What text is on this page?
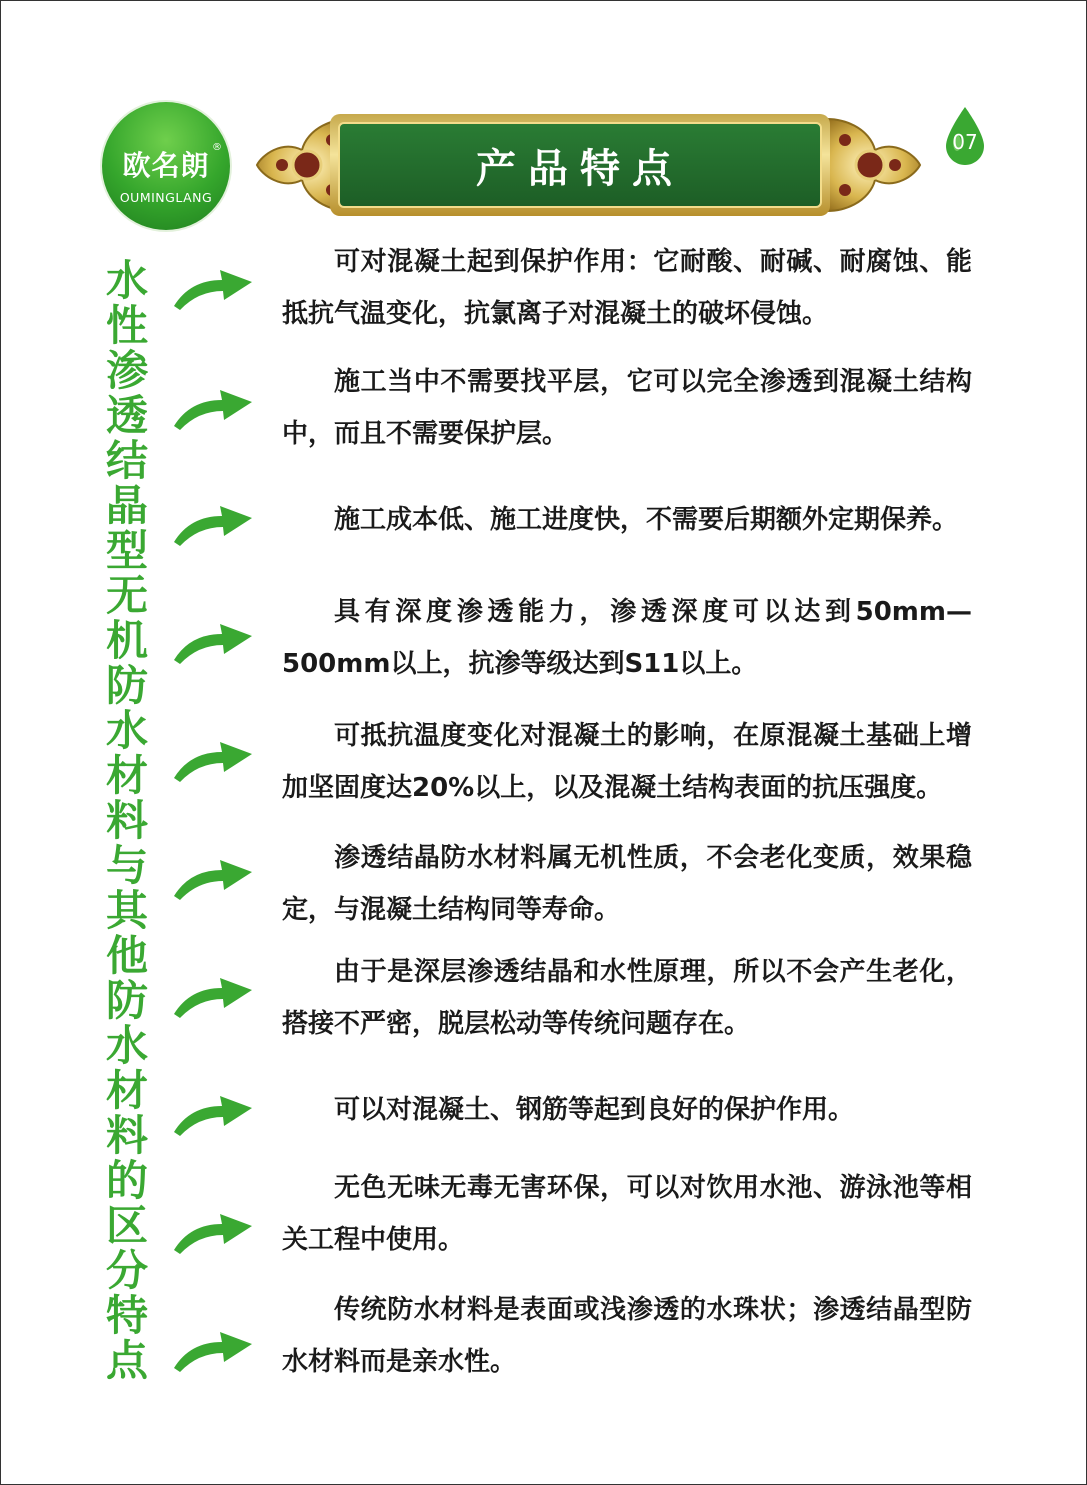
欧名朗
®
OUMINGLANG
产品特点
07
水性渗透结晶型无机防水材料与其他防水材料的区分特点
可对混凝土起到保护作用：它耐酸、耐碱、耐腐蚀、能抵抗气温变化，抗氯离子对混凝土的破坏侵蚀。
施工当中不需要找平层，它可以完全渗透到混凝土结构中，而且不需要保护层。
施工成本低、施工进度快，不需要后期额外定期保养。
具有深度渗透能力，渗透深度可以达到50mm—500mm以上，抗渗等级达到S11以上。
可抵抗温度变化对混凝土的影响，在原混凝土基础上增加坚固度达20%以上，以及混凝土结构表面的抗压强度。
渗透结晶防水材料属无机性质，不会老化变质，效果稳定，与混凝土结构同等寿命。
由于是深层渗透结晶和水性原理，所以不会产生老化，搭接不严密，脱层松动等传统问题存在。
可以对混凝土、钢筋等起到良好的保护作用。
无色无味无毒无害环保，可以对饮用水池、游泳池等相关工程中使用。
传统防水材料是表面或浅渗透的水珠状；渗透结晶型防水材料而是亲水性。
